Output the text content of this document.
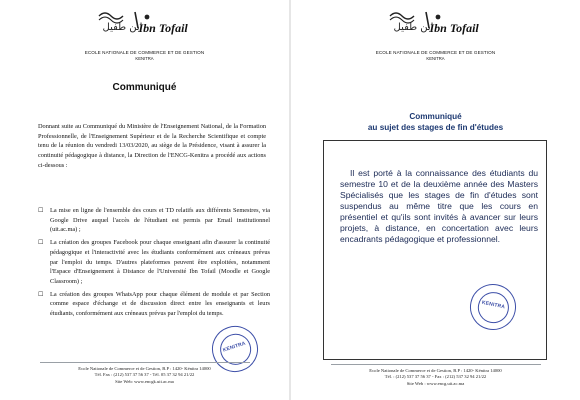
ابن طفيل
Ibn Tofail
ECOLE NATIONALE DE COMMERCE ET DE GESTION
KENITRA
Communiqué

Donnant suite au Communiqué du Ministère de l'Enseignement National, de la Formation Professionnelle, de l'Enseignement Supérieur et de la Recherche Scientifique et compte tenu de la réunion du vendredi 13/03/2020, au siège de la Présidence, visant à assurer la continuité pédagogique à distance, la Direction de l'ENCG-Kenitra a procédé aux actions ci-dessous :

☐ La mise en ligne de l'ensemble des cours et TD relatifs aux différents Semestres, via Google Drive auquel l'accès de l'étudiant est permis par Email institutionnel (uit.ac.ma) ;
☐ La création des groupes Facebook pour chaque enseignant afin d'assurer la continuité pédagogique et l'interactivité avec les étudiants conformément aux créneaux prévus par l'emploi du temps. D'autres plateformes peuvent être exploitées, notamment l'Espace d'Enseignement à Distance de l'Université Ibn Tofail (Moodle et Google Classroom) ;
☐ La création des groupes WhatsApp pour chaque élément de module et par Section comme espace d'échange et de discussion direct entre les enseignants et leurs étudiants, conformément aux créneaux prévus par l'emploi du temps.
KENITRA
Ecole Nationale de Commerce et de Gestion, B.P : 1420- Kénitra 14000
Tél. Fax : (212) 537 37 56 37 - Tél. 05 37 32 94 21/22
Site Web: www.encgk.uit.ac.ma
ابن طفيل
Ibn Tofail
ECOLE NATIONALE DE COMMERCE ET DE GESTION
KENITRA
Communiqué
au sujet des stages de fin d'études
KENITRA
Ecole Nationale de Commerce et de Gestion, B.P : 1420- Kénitra 14000
Tél. : (212) 537 37 56 37 - Fax : (212) 537 32 94 21/22
Site Web : www.encg.uit.ac.ma

Il est porté à la connaissance des étudiants du semestre 10 et de la deuxième année des Masters Spécialisés que les stages de fin d'études sont suspendus au même titre que les cours en présentiel et qu'ils sont invités à avancer sur leurs projets, à distance, en concertation avec leurs encadrants pédagogique et professionnel.
